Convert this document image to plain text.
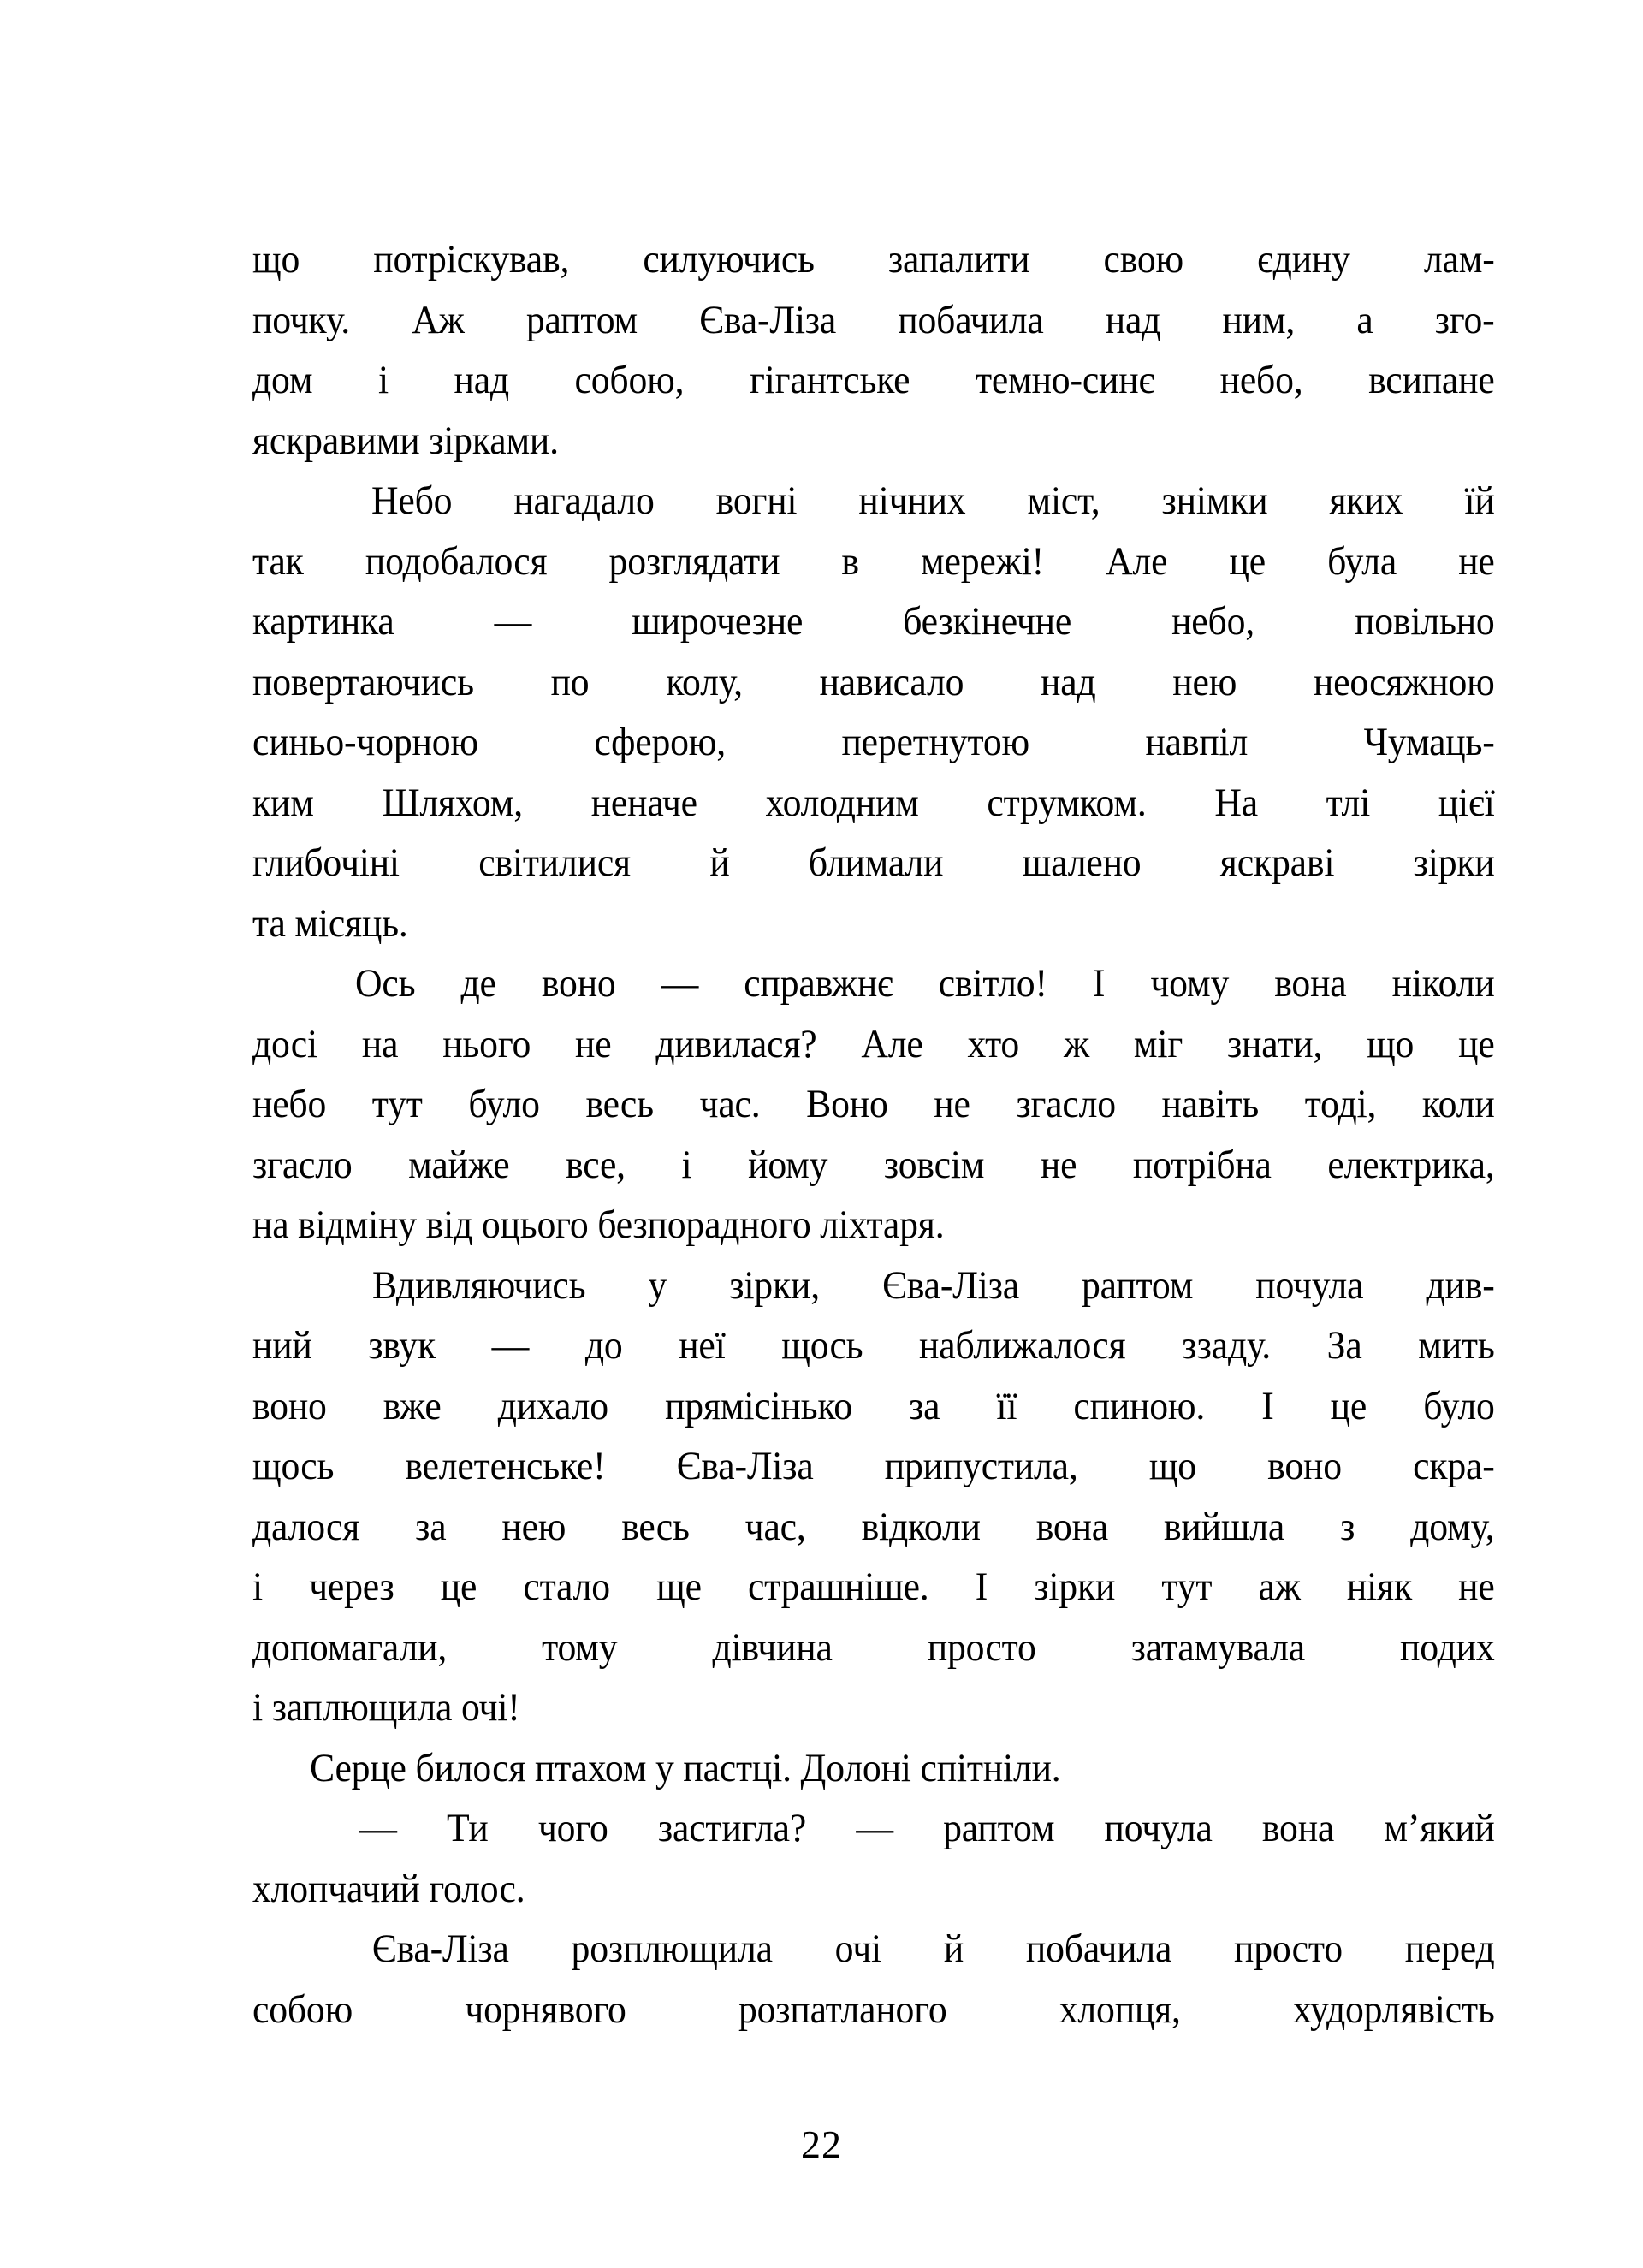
що потріскував, силуючись запалити свою єдину лам-
почку. Аж раптом Єва-Ліза побачила над ним, а зго-
дом і над собою, гігантське темно-синє небо, всипане
яскравими зірками.

Небо нагадало вогні нічних міст, знімки яких їй
так подобалося розглядати в мережі! Але це була не
картинка — широчезне безкінечне небо, повільно
повертаючись по колу, нависало над нею неосяжною
синьо-чорною	сферою,	перетнутою	навпіл	Чумаць-
ким Шляхом, неначе холодним струмком. На тлі цієї
глибочіні світилися й блимали шалено яскраві зірки
та місяць.

Ось де воно — справжнє світло! І чому вона ніколи
досі на нього не дивилася? Але хто ж міг знати, що це
небо тут було весь час. Воно не згасло навіть тоді, коли
згасло майже все, і йому зовсім не потрібна електрика,
на відміну від оцього безпорадного ліхтаря.

Вдивляючись у зірки, Єва-Ліза раптом почула див-
ний звук — до неї щось наближалося ззаду. За мить
воно вже дихало прямісінько за її спиною. І це було
щось велетенське! Єва-Ліза припустила, що воно скра-
далося за нею весь час, відколи вона вийшла з дому,
і через це стало ще страшніше. І зірки тут аж ніяк не
допомагали, тому дівчина просто затамувала подих
і заплющила очі!

Серце билося птахом у пастці. Долоні спітніли.

— Ти чого застигла? — раптом почула вона м’який
хлопчачий голос.

Єва-Ліза розплющила очі й побачила просто перед
собою	чорнявого	розпатланого	хлопця,	худорлявість

22
